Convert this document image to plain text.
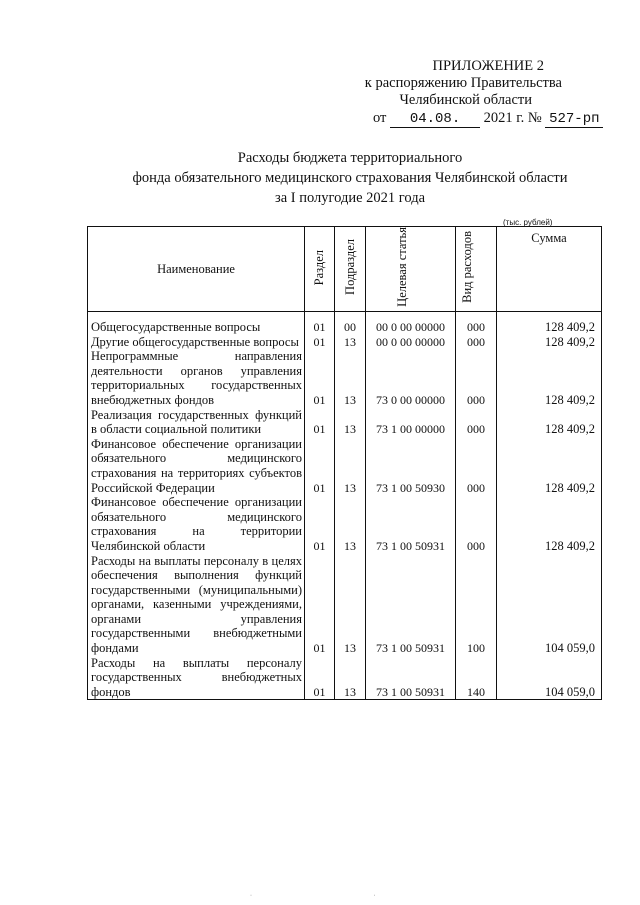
ПРИЛОЖЕНИЕ 2
к распоряжению Правительства
Челябинской области
от 04.08. 2021 г. № 527-рп
Расходы бюджета территориального
фонда обязательного медицинского страхования Челябинской области
за I полугодие 2021 года
(тыс. рублей)
Наименование	Раздел	Подраздел	Целевая статья	Вид расходов	Сумма
Общегосударственные вопросы	01	00	00 0 00 00000	000	128 409,2
Другие общегосударственные вопросы	01	13	00 0 00 00000	000	128 409,2
Непрограммные направления деятельности органов управления территориальных государственных внебюджетных фондов	01	13	73 0 00 00000	000	128 409,2
Реализация государственных функций в области социальной политики	01	13	73 1 00 00000	000	128 409,2
Финансовое обеспечение организации обязательного медицинского страхования на территориях субъектов Российской Федерации	01	13	73 1 00 50930	000	128 409,2
Финансовое обеспечение организации обязательного медицинского страхования на территории Челябинской области	01	13	73 1 00 50931	000	128 409,2
Расходы на выплаты персоналу в целях обеспечения выполнения функций государственными (муниципальными) органами, казенными учреждениями, органами управления государственными внебюджетными фондами	01	13	73 1 00 50931	100	104 059,0
Расходы на выплаты персоналу государственных внебюджетных фондов	01	13	73 1 00 50931	140	104 059,0
· ·
